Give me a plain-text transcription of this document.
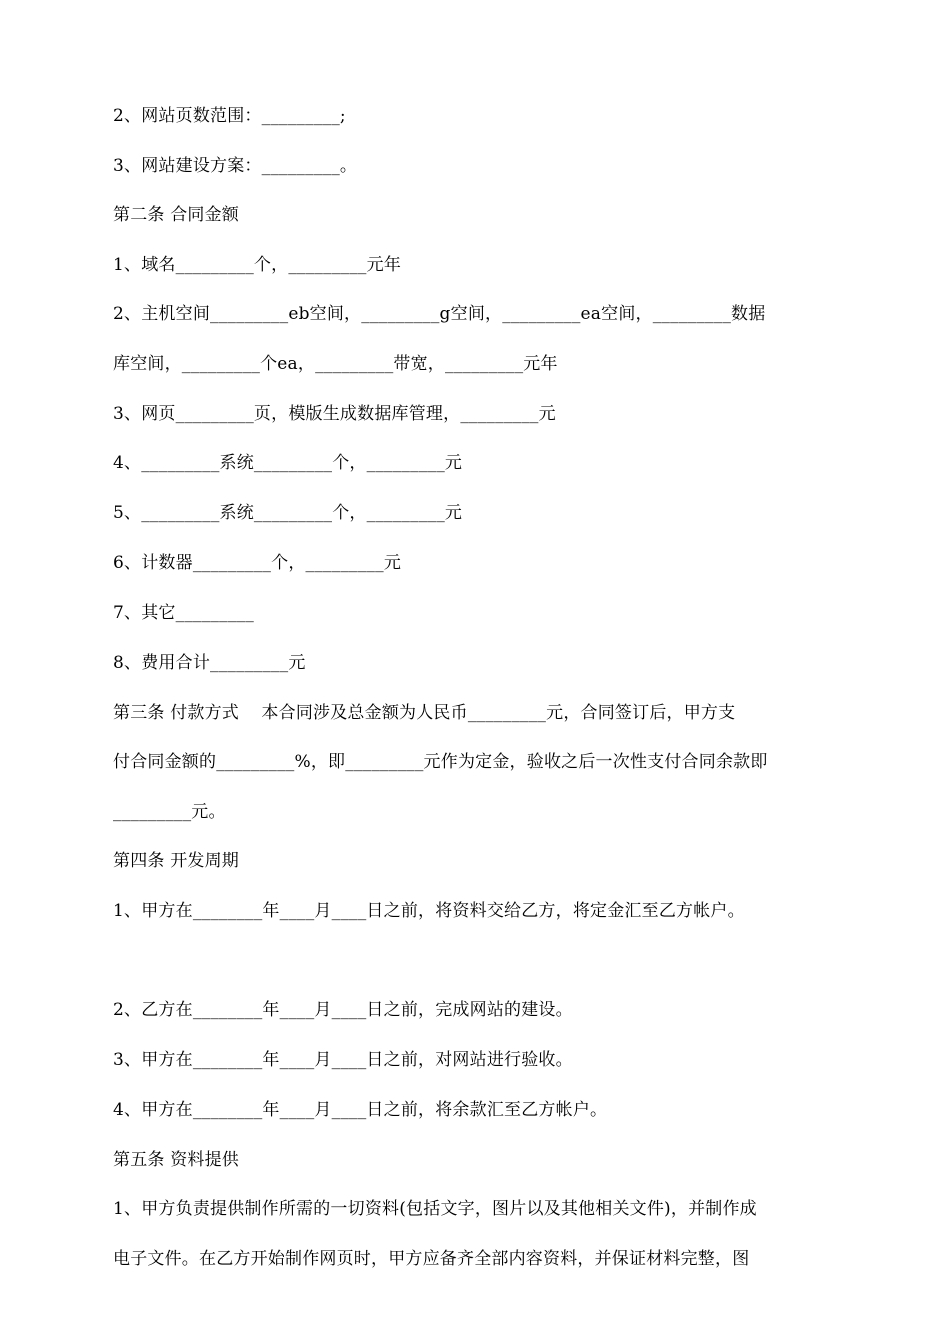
2、网站页数范围：_________;
3、网站建设方案：_________。
第二条 合同金额
1、域名_________个，_________元年
2、主机空间_________eb空间，_________g空间，_________ea空间，_________数据
库空间，_________个ea，_________带宽，_________元年
3、网页_________页，模版生成数据库管理，_________元
4、_________系统_________个，_________元
5、_________系统_________个，_________元
6、计数器_________个，_________元
7、其它_________
8、费用合计_________元
第三条 付款方式    本合同涉及总金额为人民币_________元，合同签订后，甲方支
付合同金额的_________%，即_________元作为定金，验收之后一次性支付合同余款即
_________元。
第四条 开发周期
1、甲方在________年____月____日之前，将资料交给乙方，将定金汇至乙方帐户。
2、乙方在________年____月____日之前，完成网站的建设。
3、甲方在________年____月____日之前，对网站进行验收。
4、甲方在________年____月____日之前，将余款汇至乙方帐户。
第五条 资料提供
1、甲方负责提供制作所需的一切资料(包括文字，图片以及其他相关文件)，并制作成
电子文件。在乙方开始制作网页时，甲方应备齐全部内容资料，并保证材料完整，图
